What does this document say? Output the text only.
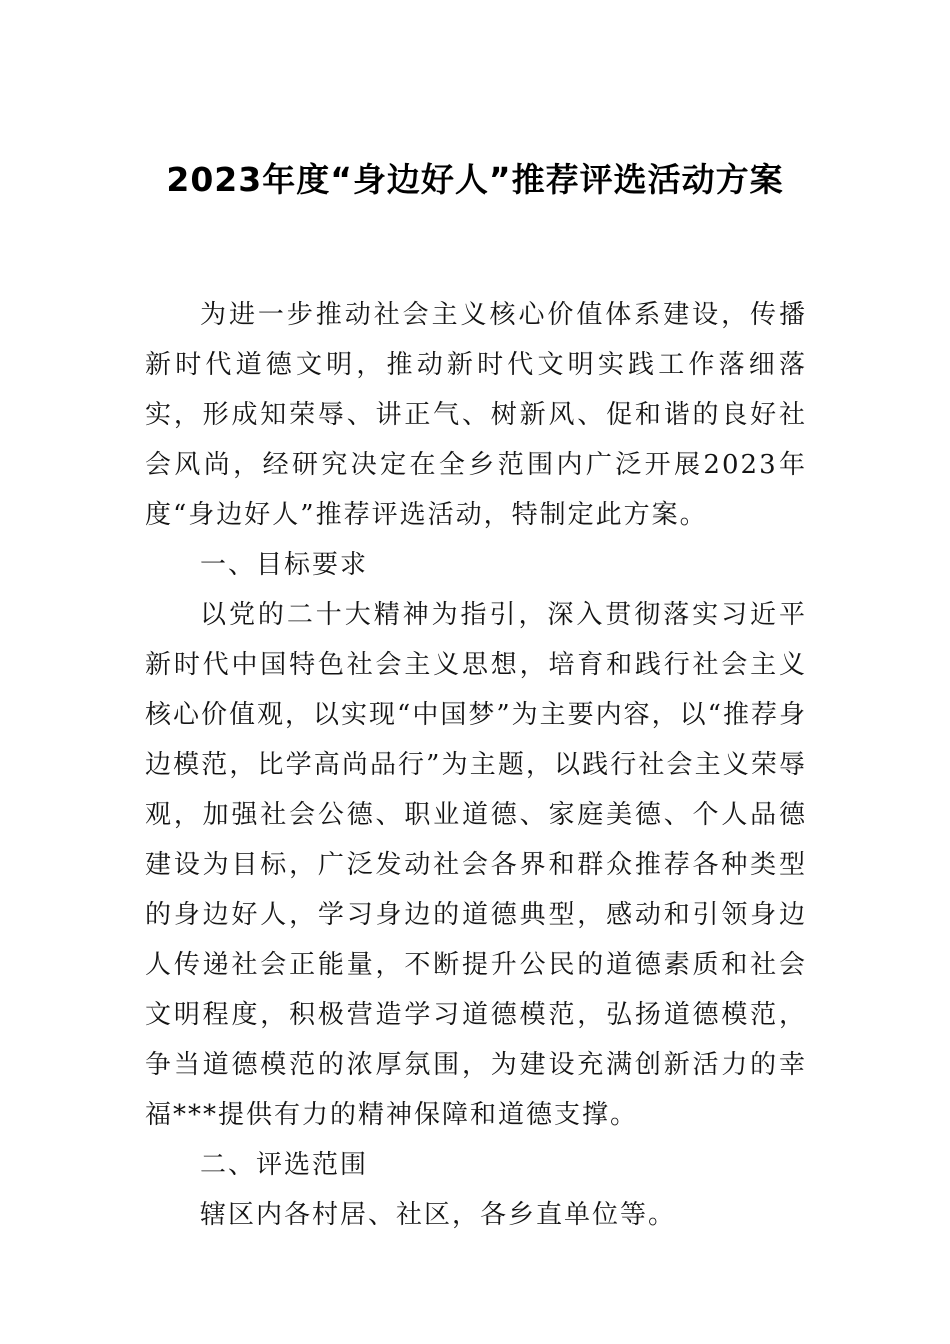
2023年度“身边好人”推荐评选活动方案

为进一步推动社会主义核心价值体系建设，传播新时代道德文明，推动新时代文明实践工作落细落实，形成知荣辱、讲正气、树新风、促和谐的良好社会风尚，经研究决定在全乡范围内广泛开展2023年度“身边好人”推荐评选活动，特制定此方案。

一、目标要求

以党的二十大精神为指引，深入贯彻落实习近平新时代中国特色社会主义思想，培育和践行社会主义核心价值观，以实现“中国梦”为主要内容，以“推荐身边模范，比学高尚品行”为主题，以践行社会主义荣辱观，加强社会公德、职业道德、家庭美德、个人品德建设为目标，广泛发动社会各界和群众推荐各种类型的身边好人，学习身边的道德典型，感动和引领身边人传递社会正能量，不断提升公民的道德素质和社会文明程度，积极营造学习道德模范，弘扬道德模范，争当道德模范的浓厚氛围，为建设充满创新活力的幸福***提供有力的精神保障和道德支撑。

二、评选范围

辖区内各村居、社区，各乡直单位等。
